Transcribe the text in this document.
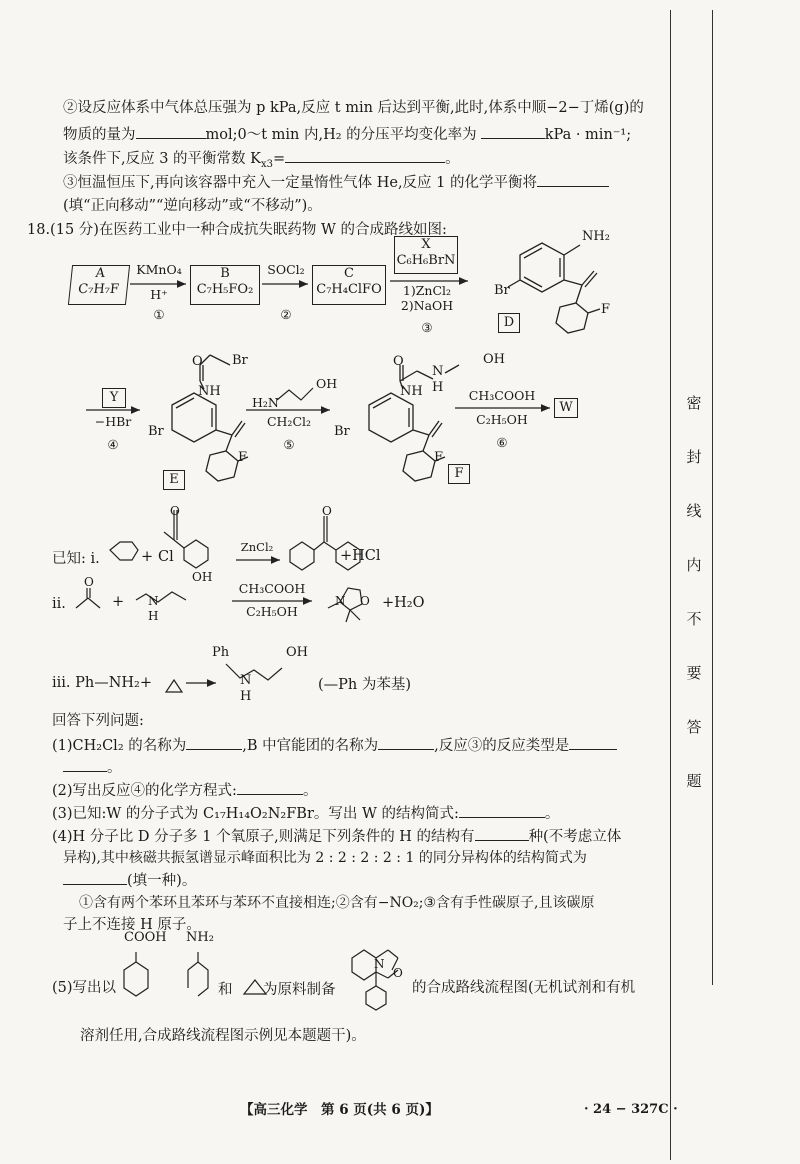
②设反应体系中气体总压强为 p kPa,反应 t min 后达到平衡,此时,体系中顺−2−丁烯(g)的
物质的量为	mol;0～t min 内,H₂ 的分压平均变化率为	kPa · min⁻¹;
该条件下,反应 3 的平衡常数 $K_{x3}=$	。
③恒温恒压下,再向该容器中充入一定量惰性气体 He,反应 1 的化学平衡将
(填“正向移动”“逆向移动”或“不移动”)。
18.(15 分)在医药工业中一种合成抗失眠药物 W 的合成路线如图:
A
C₇H₇F
KMnO₄
H⁺
①
B
C₇H₅FO₂
SOCl₂
②
C
C₇H₄ClFO
X
C₆H₆BrN
1)ZnCl₂
2)NaOH
③
NH₂
Br
F
D
Y
−HBr
④
O Br
NH
Br
F
E
H₂N
OH
CH₂Cl₂
⑤
O
N
H
OH
NH
Br
F
F
CH₃COOH
C₂H₅OH
⑥
W
已知: ⅰ.	+ Cl
O
ZnCl₂
O
+HCl
ⅱ.
O
+ N
H
OH
CH₃COOH
C₂H₅OH
N O +H₂O
ⅲ. Ph—NH₂+
Ph
N
H
OH
(—Ph 为苯基)
回答下列问题:
(1)CH₂Cl₂ 的名称为	,B 中官能团的名称为	,反应③的反应类型是
。
(2)写出反应④的化学方程式:	。
(3)已知:W 的分子式为 C₁₇H₁₄O₂N₂FBr。写出 W 的结构简式:	。
(4)H 分子比 D 分子多 1 个氧原子,则满足下列条件的 H 的结构有	种(不考虑立体
异构),其中核磁共振氢谱显示峰面积比为 2 : 2 : 2 : 2 : 1 的同分异构体的结构简式为
(填一种)。
①含有两个苯环且苯环与苯环不直接相连;②含有−NO₂;③含有手性碳原子,且该碳原
子上不连接 H 原子。
(5)写出以
COOH NH₂
和 为原料制备
N
O
的合成路线流程图(无机试剂和有机
溶剂任用,合成路线流程图示例见本题题干)。
密
封
线
内
不
要
答
题
【高三化学　第 6 页(共 6 页)】	· 24 − 327C ·
